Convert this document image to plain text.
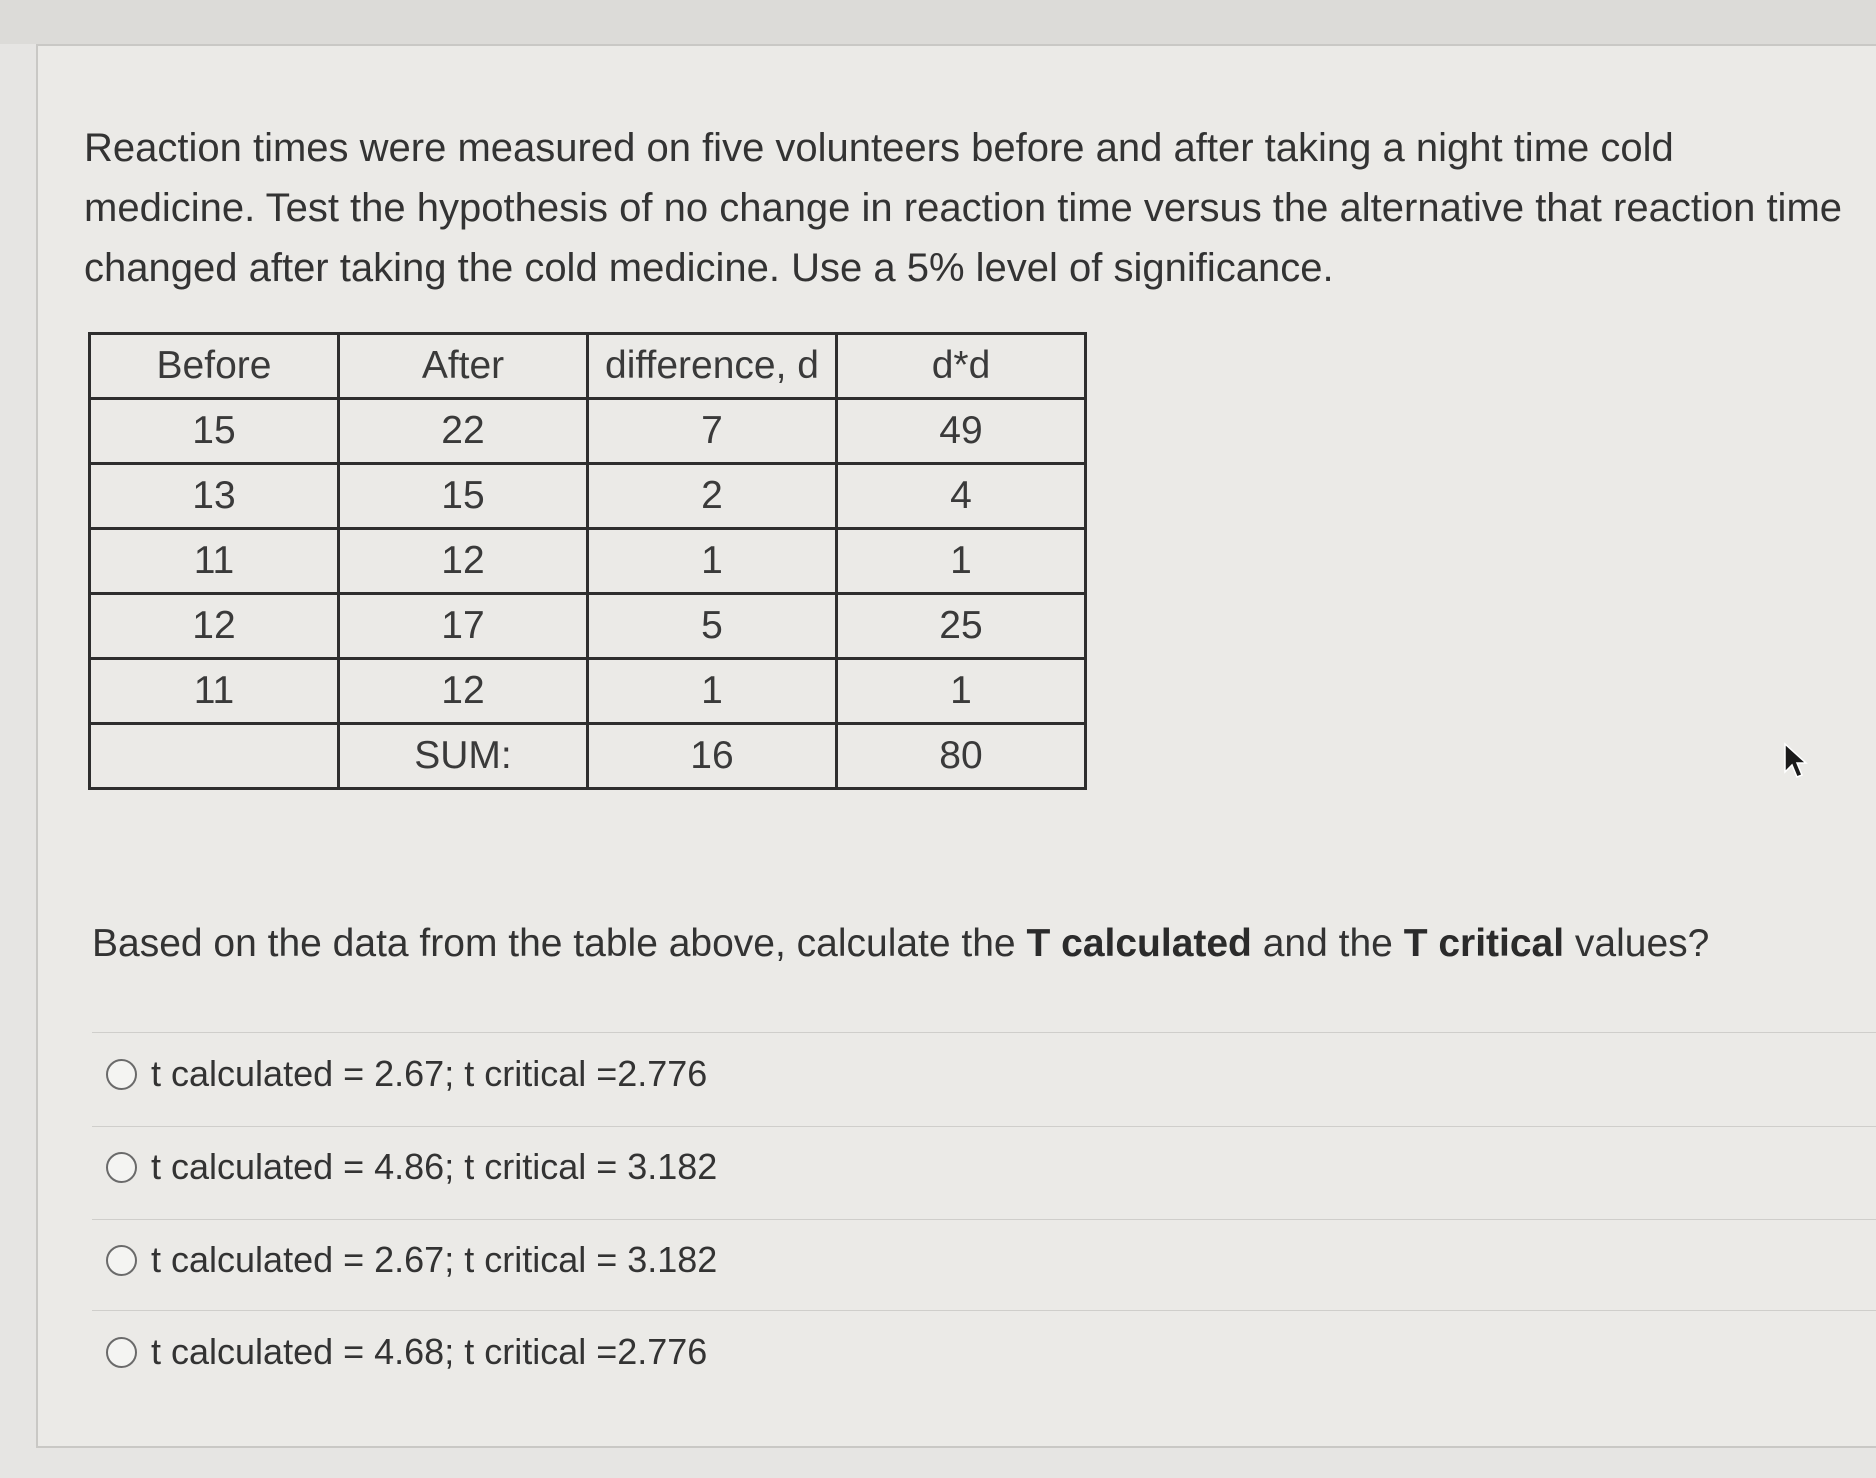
Reaction times were measured on five volunteers before and after taking a night time cold medicine. Test the hypothesis of no change in reaction time versus the alternative that reaction time changed after taking the cold medicine. Use a 5% level of significance.

Before	After	difference, d	d*d
15	22	7	49
13	15	2	4
11	12	1	1
12	17	5	25
11	12	1	1
	SUM:	16	80
Based on the data from the table above, calculate the T calculated and the T critical values?
t calculated = 2.67; t critical =2.776
t calculated = 4.86; t critical = 3.182
t calculated = 2.67; t critical = 3.182
t calculated = 4.68; t critical =2.776
